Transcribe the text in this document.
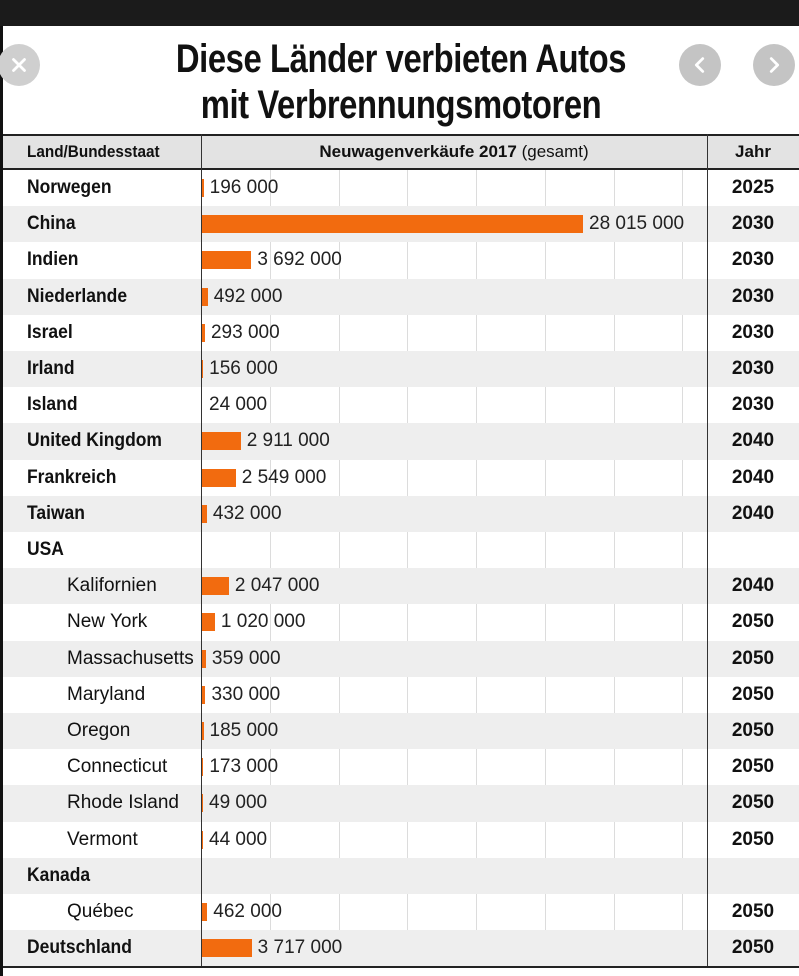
Diese Länder verbieten Autos
mit Verbrennungsmotoren
Land/Bundesstaat	Neuwagenverkäufe 2017 (gesamt)	Jahr
Norwegen	196 000	2025
China	28 015 000	2030
Indien	3 692 000	2030
Niederlande	492 000	2030
Israel	293 000	2030
Irland	156 000	2030
Island	24 000	2030
United Kingdom	2 911 000	2040
Frankreich	2 549 000	2040
Taiwan	432 000	2040
USA
Kalifornien	2 047 000	2040
New York	1 020 000	2050
Massachusetts 359 000	2050
Maryland	330 000	2050
Oregon	185 000	2050
Connecticut 173 000	2050
Rhode Island 49 000	2050
Vermont	44 000	2050
Kanada
Québec	462 000	2050
Deutschland	3 717 000	2050
